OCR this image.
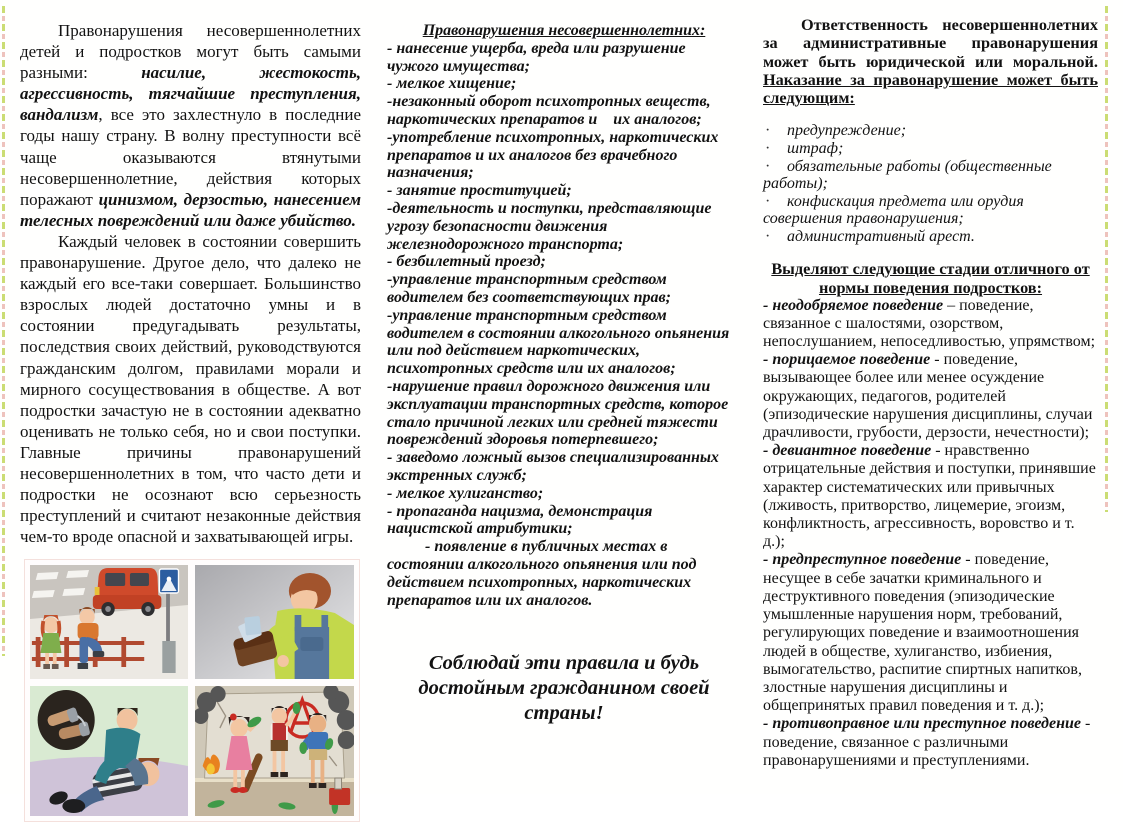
Правонарушения несовершеннолетних детей и подростков могут быть самыми разными: насилие, жестокость, агрессивность, тягчайшие преступления, вандализм, все это захлестнуло в последние годы нашу страну. В волну преступности всё чаще оказываются втянутыми несовершеннолетние, действия которых поражают цинизмом, дерзостью, нанесением телесных повреждений или даже убийство.

Каждый человек в состоянии совершить правонарушение. Другое дело, что далеко не каждый его все-таки совершает. Большинство взрослых людей достаточно умны и в состоянии предугадывать результаты, последствия своих действий, руководствуются гражданским долгом, правилами морали и мирного сосуществования в обществе. А вот подростки зачастую не в состоянии адекватно оценивать не только себя, но и свои поступки. Главные причины правонарушений несовершеннолетних в том, что часто дети и подростки не осознают всю серьезность преступлений и считают незаконные действия чем-то вроде опасной и захватывающей игры.

Правонарушения несовершеннолетних:

- нанесение ущерба, вреда или разрушение чужого имущества;

- мелкое хищение;

-незаконный оборот психотропных веществ, наркотических препаратов и    их аналогов;

-употребление психотропных, наркотических препаратов и их аналогов без врачебного назначения;

- занятие проституцией;

-деятельность и поступки, представляющие угрозу безопасности движения железнодорожного транспорта;

- безбилетный проезд;

-управление транспортным средством водителем без соответствующих прав;

-управление транспортным средством водителем в состоянии алкогольного опьянения или под действием наркотических, психотропных средств или их аналогов;

-нарушение правил дорожного движения или эксплуатации транспортных средств, которое стало причиной легких или средней тяжести повреждений здоровья потерпевшего;

- заведомо ложный вызов специализированных экстренных служб;

- мелкое хулиганство;

- пропаганда нацизма, демонстрация нацистской атрибутики;

- появление в публичных местах в состоянии алкогольного опьянения или под действием психотропных, наркотических препаратов или их аналогов.

Соблюдай эти правила и будь достойным гражданином своей страны!

Ответственность несовершеннолетних за административные правонарушения может быть юридической или моральной. Наказание за правонарушение может быть следующим:

· предупреждение;

· штраф;

· обязательные работы (общественные работы);

· конфискация предмета или орудия совершения правонарушения;

· административный арест.

Выделяют следующие стадии отличного от нормы поведения подростков:

- неодобряемое поведение – поведение, связанное с шалостями, озорством, непослушанием, непоседливостью, упрямством;

- порицаемое поведение - поведение, вызывающее более или менее осуждение окружающих, педагогов, родителей (эпизодические нарушения дисциплины, случаи драчливости, грубости, дерзости, нечестности);

- девиантное поведение - нравственно отрицательные действия и поступки, принявшие характер систематических или привычных (лживость, притворство, лицемерие, эгоизм, конфликтность, агрессивность, воровство и т. д.);

- предпреступное поведение - поведение, несущее в себе зачатки криминального и деструктивного поведения (эпизодические умышленные нарушения норм, требований, регулирующих поведение и взаимоотношения людей в обществе, хулиганство, избиения, вымогательство, распитие спиртных напитков, злостные нарушения дисциплины и общепринятых правил поведения и т. д.);

- противоправное или преступное поведение - поведение, связанное с различными правонарушениями и преступлениями.
